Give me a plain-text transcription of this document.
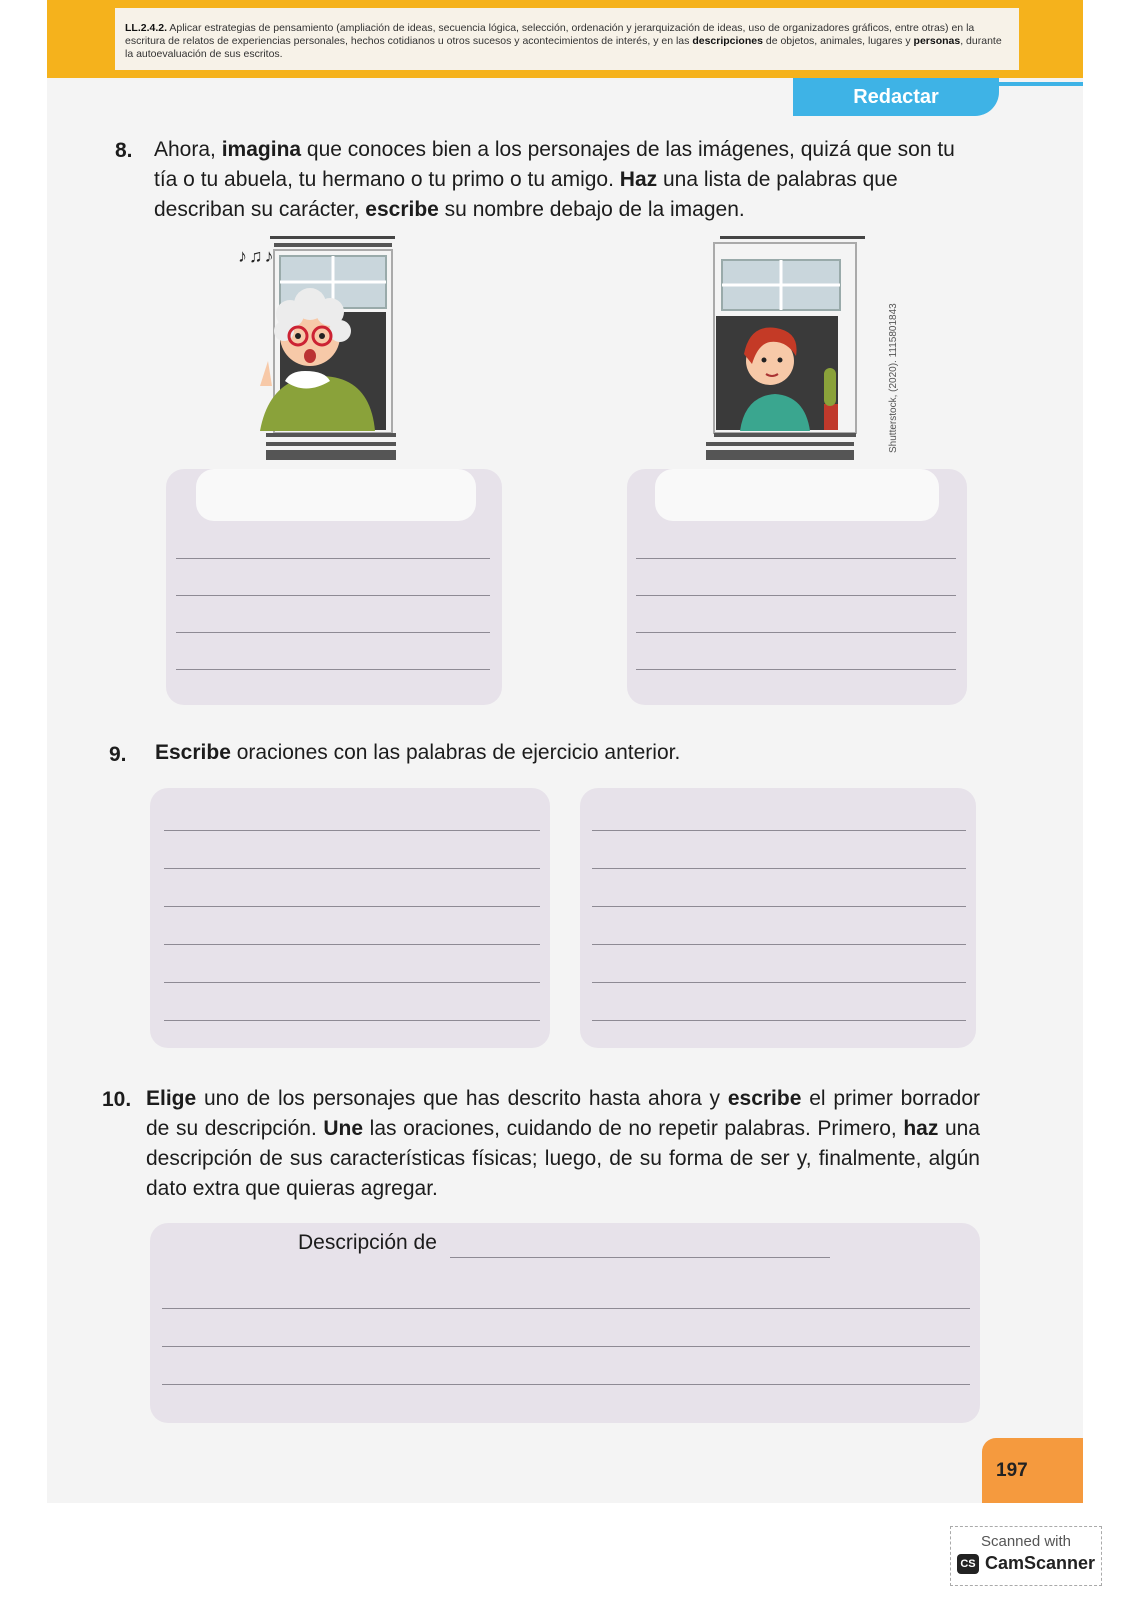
LL.2.4.2. Aplicar estrategias de pensamiento (ampliación de ideas, secuencia lógica, selección, ordenación y jerarquización de ideas, uso de organizadores gráficos, entre otras) en la escritura de relatos de experiencias personales, hechos cotidianos u otros sucesos y acontecimientos de interés, y en las descripciones de objetos, animales, lugares y personas, durante la autoevaluación de sus escritos.
Redactar
8. Ahora, imagina que conoces bien a los personajes de las imágenes, quizá que son tu tía o tu abuela, tu hermano o tu primo o tu amigo. Haz una lista de palabras que describan su carácter, escribe su nombre debajo de la imagen.
♪♫♪
Shutterstock, (2020). 1115801843
9. Escribe oraciones con las palabras de ejercicio anterior.
10. Elige uno de los personajes que has descrito hasta ahora y escribe el primer borrador de su descripción. Une las oraciones, cuidando de no repetir palabras. Primero, haz una descripción de sus características físicas; luego, de su forma de ser y, finalmente, algún dato extra que quieras agregar.
Descripción de
197
Scanned with
CS CamScanner
